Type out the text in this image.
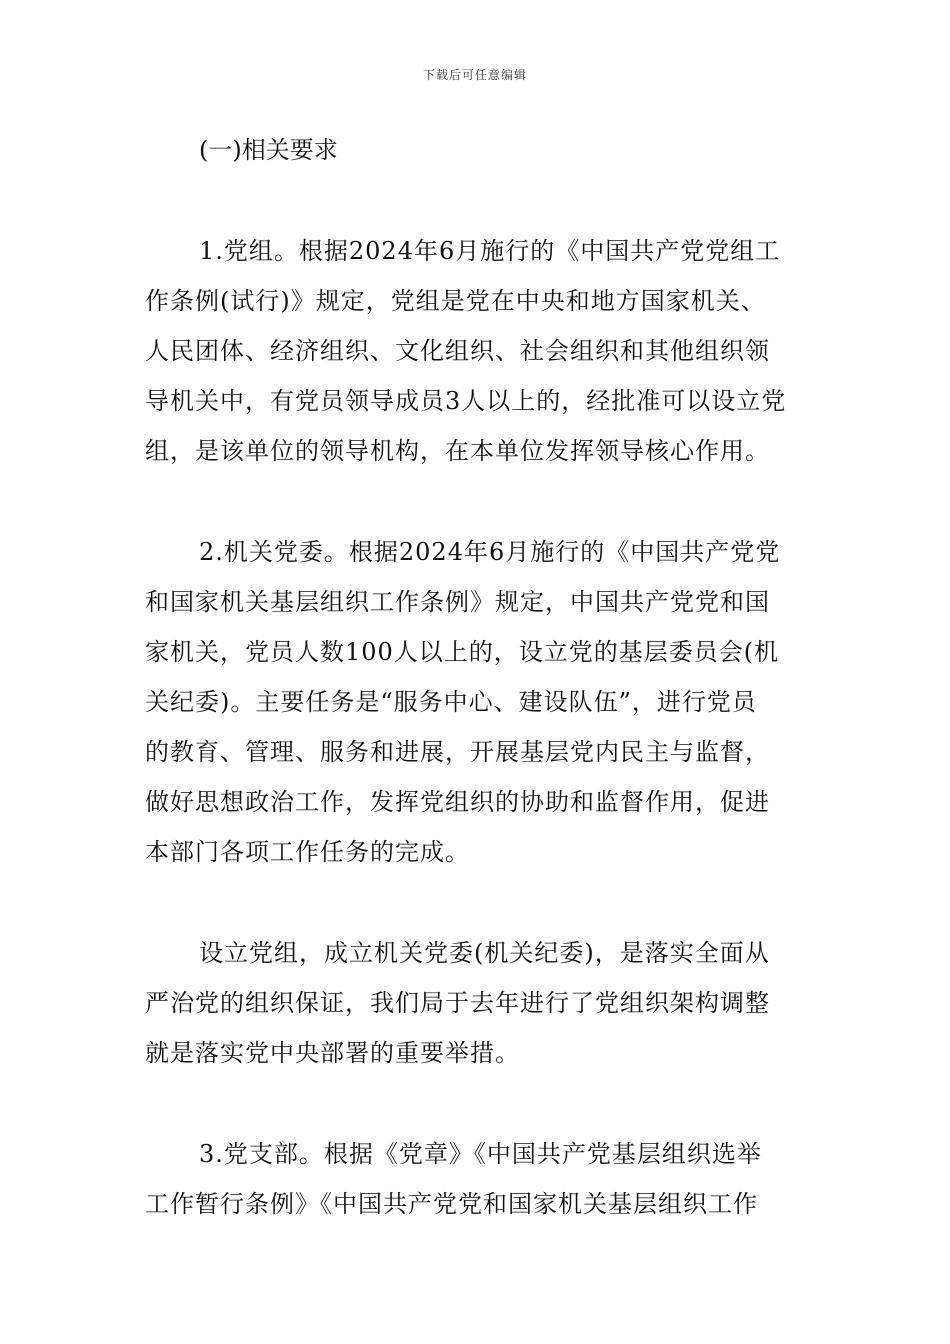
下载后可任意编辑
(一)相关要求
1.党组。根据2024年6月施行的《中国共产党党组工
作条例(试行)》规定，党组是党在中央和地方国家机关、
人民团体、经济组织、文化组织、社会组织和其他组织领
导机关中，有党员领导成员3人以上的，经批准可以设立党
组，是该单位的领导机构，在本单位发挥领导核心作用。
2.机关党委。根据2024年6月施行的《中国共产党党
和国家机关基层组织工作条例》规定，中国共产党党和国
家机关，党员人数100人以上的，设立党的基层委员会(机
关纪委)。主要任务是“服务中心、建设队伍”，进行党员
的教育、管理、服务和进展，开展基层党内民主与监督，
做好思想政治工作，发挥党组织的协助和监督作用，促进
本部门各项工作任务的完成。
设立党组，成立机关党委(机关纪委)，是落实全面从
严治党的组织保证，我们局于去年进行了党组织架构调整
就是落实党中央部署的重要举措。
3.党支部。根据《党章》《中国共产党基层组织选举
工作暂行条例》《中国共产党党和国家机关基层组织工作
